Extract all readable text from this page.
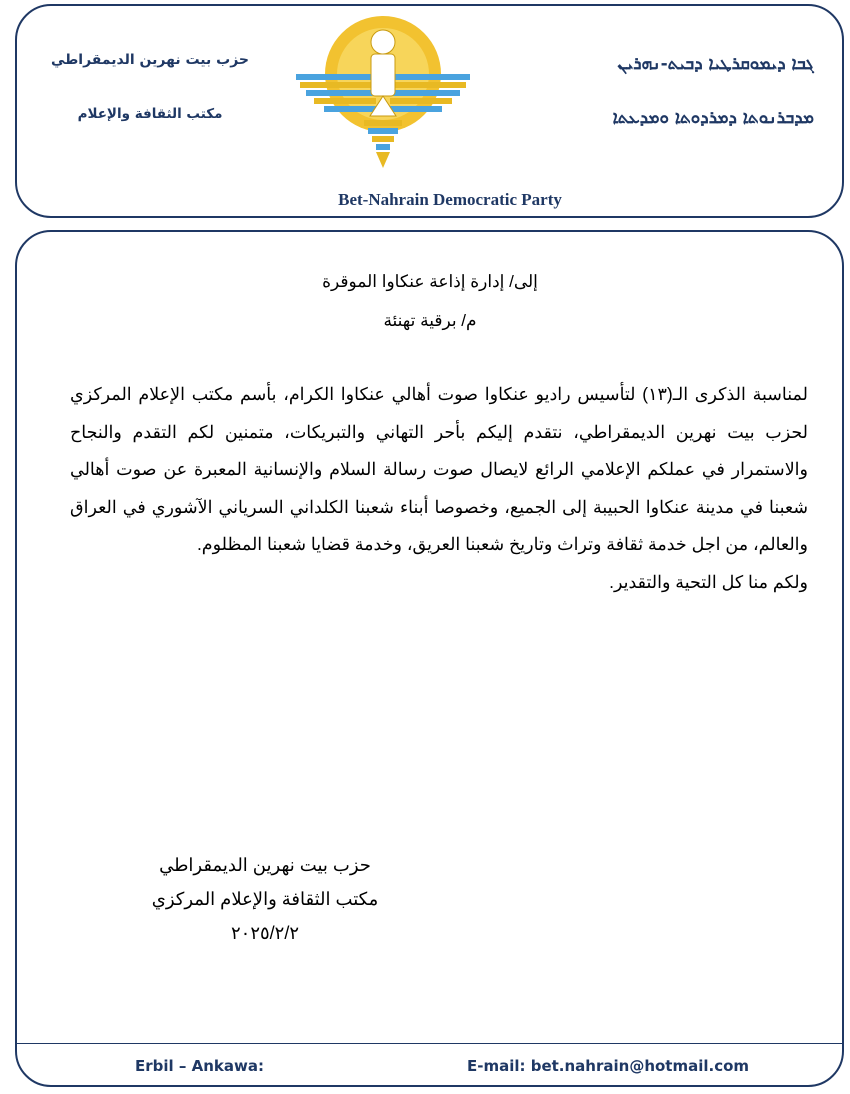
حزب بيت نهرين الديمقراطي
مكتب الثقافة والإعلام
ܓܒܐ ܕܝܡܘܩܪܛܝܐ ܕܒܝܬ-ܢܗܪܝܢ
ܡܕܒܪܢܘܬܐ ܕܡܪܕܘܬܐ ܘܡܕܥܬܐ
Bet-Nahrain Democratic Party
إلى/ إدارة إذاعة عنكاوا الموقرة
م/ برقية تهنئة

لمناسبة الذكرى الـ(١٣) لتأسيس راديو عنكاوا صوت أهالي عنكاوا الكرام، بأسم مكتب الإعلام المركزي لحزب بيت نهرين الديمقراطي، نتقدم إليكم بأحر التهاني والتبريكات، متمنين لكم التقدم والنجاح والاستمرار في عملكم الإعلامي الرائع لايصال صوت رسالة السلام والإنسانية المعبرة عن صوت أهالي شعبنا في مدينة عنكاوا الحبيبة إلى الجميع، وخصوصا أبناء شعبنا الكلداني السرياني الآشوري في العراق والعالم، من اجل خدمة ثقافة وتراث وتاريخ شعبنا العريق، وخدمة قضايا شعبنا المظلوم.

ولكم منا كل التحية والتقدير.

حزب بيت نهرين الديمقراطي
مكتب الثقافة والإعلام المركزي
٢٠٢٥/٢/٢
Erbil – Ankawa:	E-mail: bet.nahrain@hotmail.com
